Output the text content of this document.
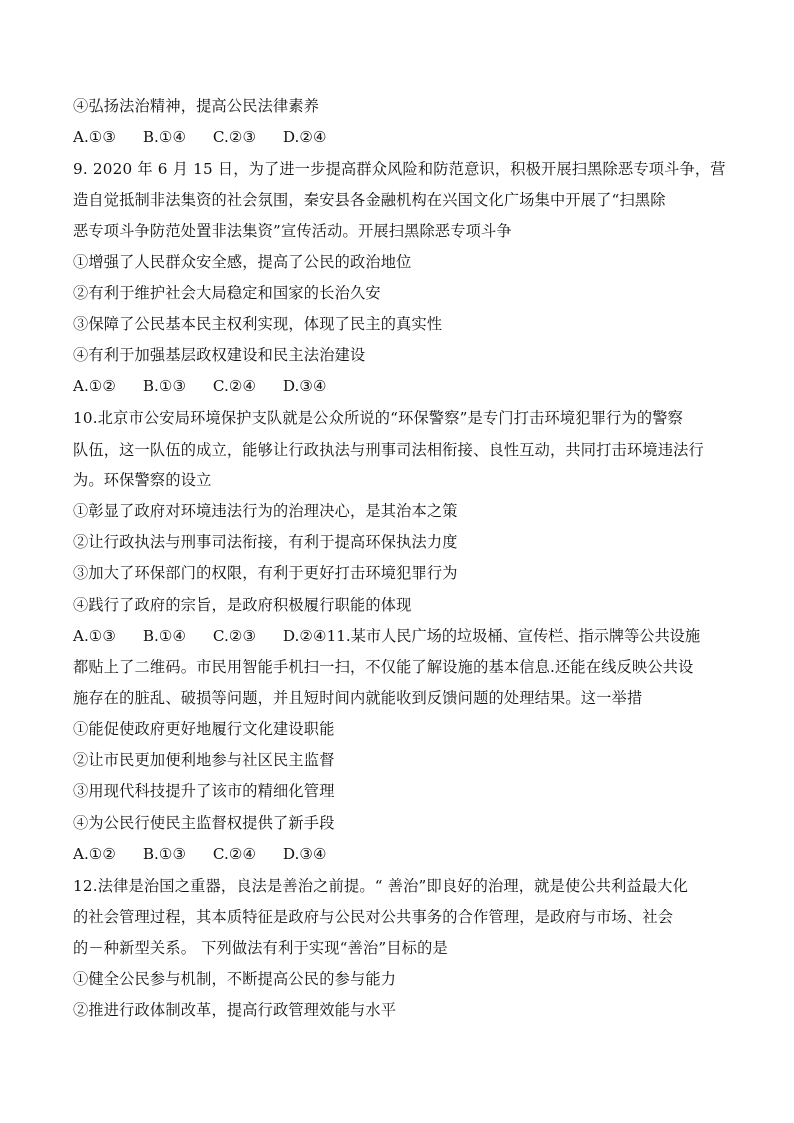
④弘扬法治精神，提高公民法律素养
A.①③ B.①④ C.②③ D.②④
9. 2020 年 6 月 15 日，为了进一步提高群众风险和防范意识，积极开展扫黑除恶专项斗争，营
造自觉抵制非法集资的社会氛围，秦安县各金融机构在兴国文化广场集中开展了“扫黑除
恶专项斗争防范处置非法集资”宣传活动。开展扫黑除恶专项斗争
①增强了人民群众安全感，提高了公民的政治地位
②有利于维护社会大局稳定和国家的长治久安
③保障了公民基本民主权利实现，体现了民主的真实性
④有利于加强基层政权建设和民主法治建设
A.①② B.①③ C.②④ D.③④
10.北京市公安局环境保护支队就是公众所说的“环保警察”是专门打击环境犯罪行为的警察
队伍，这一队伍的成立，能够让行政执法与刑事司法相衔接、良性互动，共同打击环境违法行
为。环保警察的设立
①彰显了政府对环境违法行为的治理决心，是其治本之策
②让行政执法与刑事司法衔接，有利于提高环保执法力度
③加大了环保部门的权限，有利于更好打击环境犯罪行为
④践行了政府的宗旨，是政府积极履行职能的体现
A.①③ B.①④ C.②③ D.②④11.某市人民广场的垃圾桶、宣传栏、指示牌等公共设施
都贴上了二维码。市民用智能手机扫一扫，不仅能了解设施的基本信息.还能在线反映公共设
施存在的脏乱、破损等问题，并且短时间内就能收到反馈问题的处理结果。这一举措
①能促使政府更好地履行文化建设职能
②让市民更加便利地参与社区民主监督
③用现代科技提升了该市的精细化管理
④为公民行使民主监督权提供了新手段
A.①② B.①③ C.②④ D.③④
12.法律是治国之重器，良法是善治之前提。“ 善治”即良好的治理，就是使公共利益最大化
的社会管理过程，其本质特征是政府与公民对公共事务的合作管理，是政府与市场、社会
的－种新型关系。 下列做法有利于实现“善治”目标的是
①健全公民参与机制，不断提高公民的参与能力
②推进行政体制改革，提高行政管理效能与水平
